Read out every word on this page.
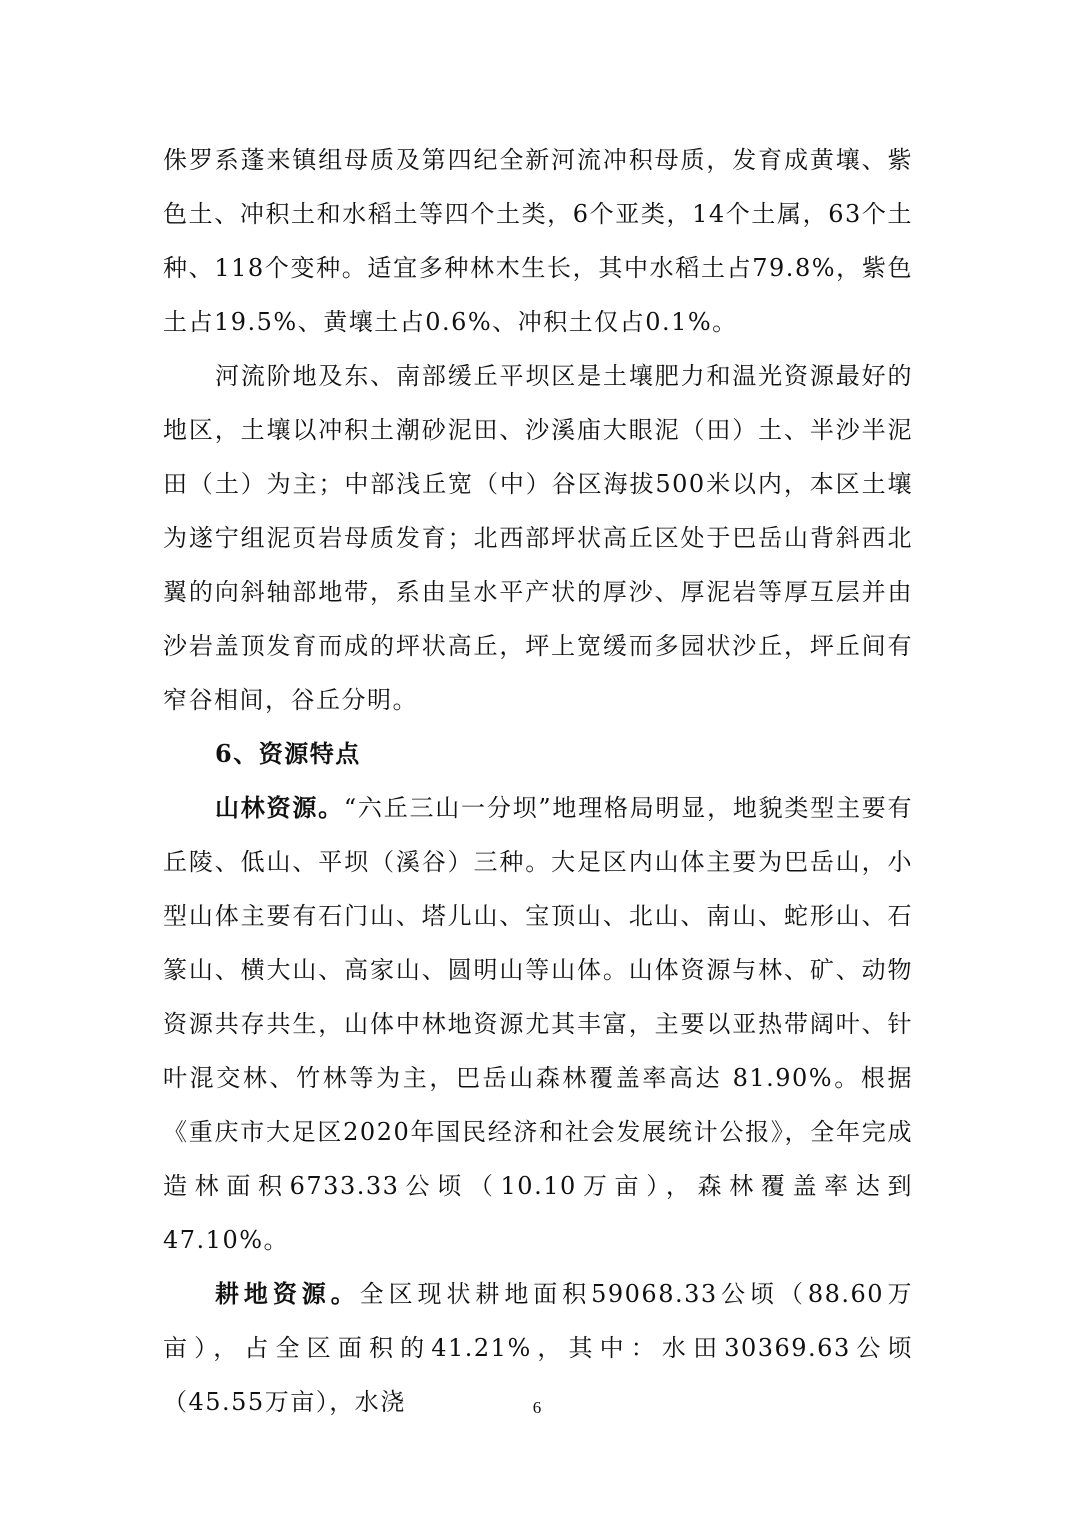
侏罗系蓬来镇组母质及第四纪全新河流冲积母质，发育成黄壤、紫色土、冲积土和水稻土等四个土类，6个亚类，14个土属，63个土种、118个变种。适宜多种林木生长，其中水稻土占79.8%，紫色土占19.5%、黄壤土占0.6%、冲积土仅占0.1%。

河流阶地及东、南部缓丘平坝区是土壤肥力和温光资源最好的地区，土壤以冲积土潮砂泥田、沙溪庙大眼泥（田）土、半沙半泥田（土）为主；中部浅丘宽（中）谷区海拔500米以内，本区土壤为遂宁组泥页岩母质发育；北西部坪状高丘区处于巴岳山背斜西北翼的向斜轴部地带，系由呈水平产状的厚沙、厚泥岩等厚互层并由沙岩盖顶发育而成的坪状高丘，坪上宽缓而多园状沙丘，坪丘间有窄谷相间，谷丘分明。

6、资源特点

山林资源。“六丘三山一分坝”地理格局明显，地貌类型主要有丘陵、低山、平坝（溪谷）三种。大足区内山体主要为巴岳山，小型山体主要有石门山、塔儿山、宝顶山、北山、南山、蛇形山、石篆山、横大山、高家山、圆明山等山体。山体资源与林、矿、动物资源共存共生，山体中林地资源尤其丰富，主要以亚热带阔叶、针叶混交林、竹林等为主，巴岳山森林覆盖率高达 81.90%。根据《重庆市大足区2020年国民经济和社会发展统计公报》，全年完成造林面积6733.33公顷（10.10万亩），森林覆盖率达到47.10%。

耕地资源。全区现状耕地面积59068.33公顷（88.60万亩），占全区面积的41.21%，其中：水田30369.63公顷（45.55万亩），水浇	6
